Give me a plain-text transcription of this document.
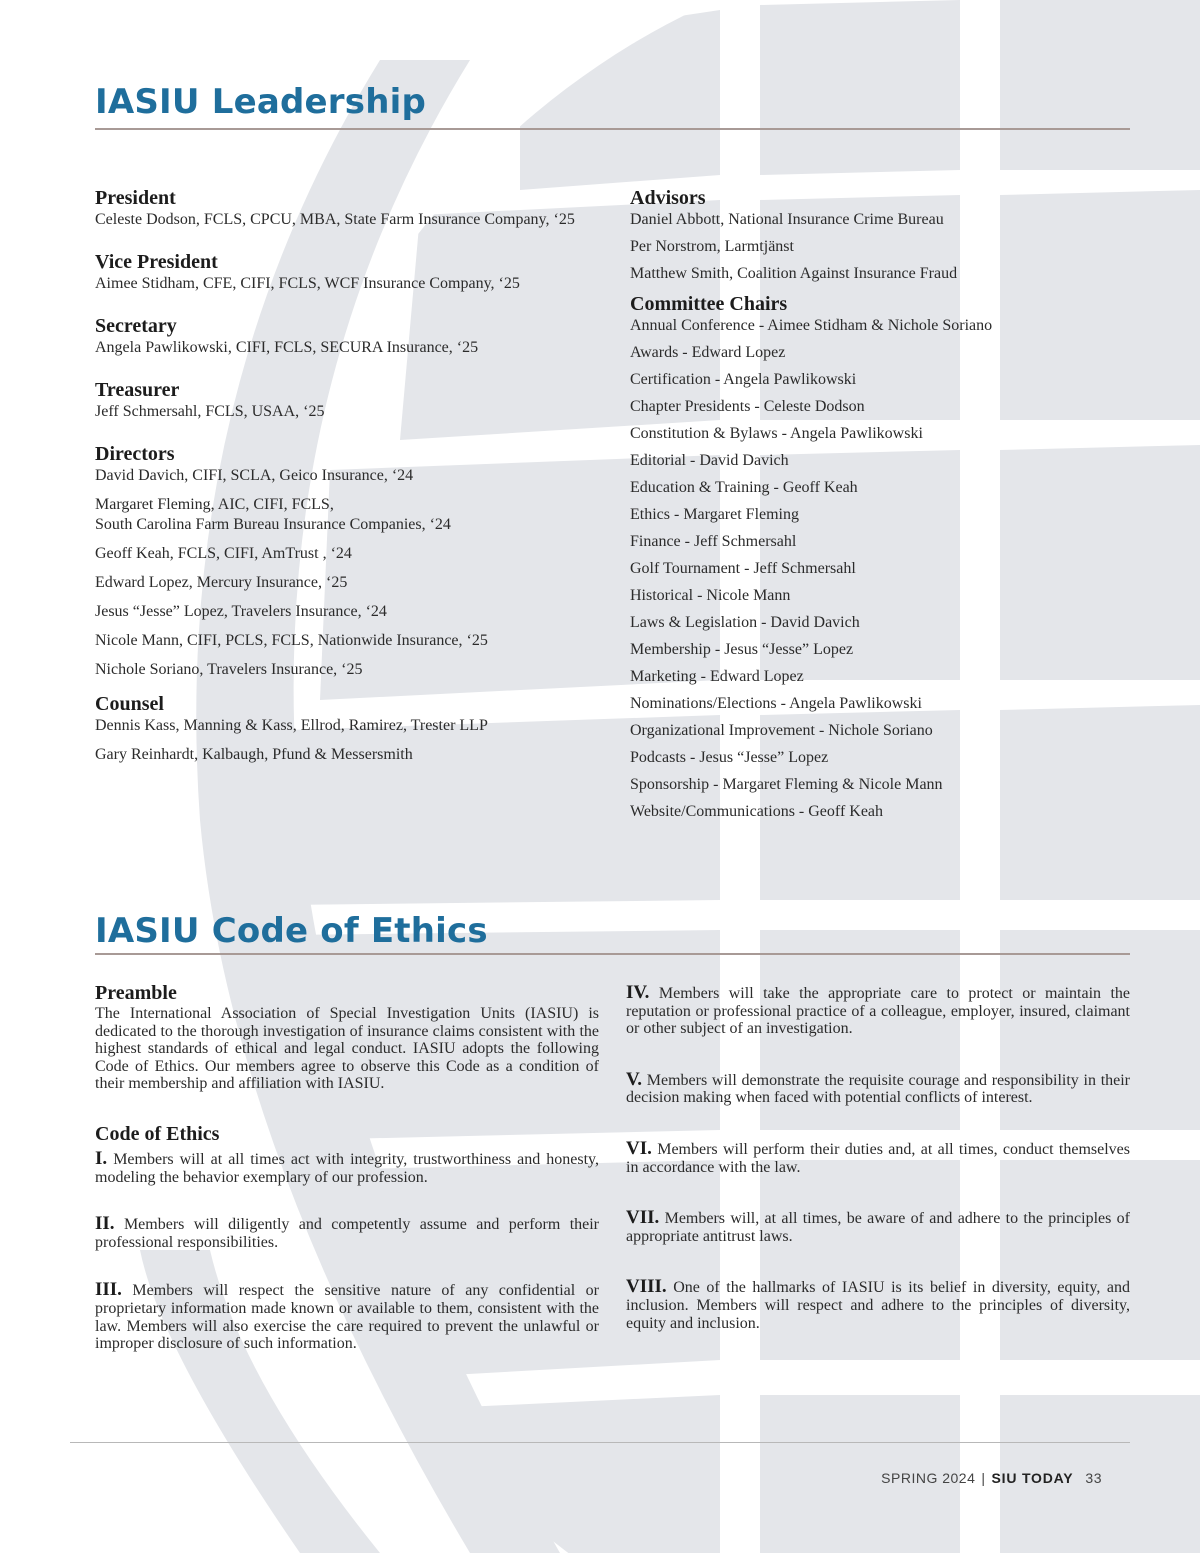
IASIU Leadership
President

Celeste Dodson, FCLS, CPCU, MBA, State Farm Insurance Company, ‘25

Vice President

Aimee Stidham, CFE, CIFI, FCLS, WCF Insurance Company, ‘25

Secretary

Angela Pawlikowski, CIFI, FCLS, SECURA Insurance, ‘25

Treasurer

Jeff Schmersahl, FCLS, USAA, ‘25

Directors

David Davich, CIFI, SCLA, Geico Insurance, ‘24

Margaret Fleming, AIC, CIFI, FCLS,

South Carolina Farm Bureau Insurance Companies, ‘24

Geoff Keah, FCLS, CIFI, AmTrust , ‘24

Edward Lopez, Mercury Insurance, ‘25

Jesus “Jesse” Lopez, Travelers Insurance, ‘24

Nicole Mann, CIFI, PCLS, FCLS, Nationwide Insurance, ‘25

Nichole Soriano, Travelers Insurance, ‘25

Counsel

Dennis Kass, Manning & Kass, Ellrod, Ramirez, Trester LLP

Gary Reinhardt, Kalbaugh, Pfund & Messersmith

Advisors

Daniel Abbott, National Insurance Crime Bureau

Per Norstrom, Larmtjänst

Matthew Smith, Coalition Against Insurance Fraud

Committee Chairs

Annual Conference - Aimee Stidham & Nichole Soriano

Awards - Edward Lopez

Certification - Angela Pawlikowski

Chapter Presidents - Celeste Dodson

Constitution & Bylaws - Angela Pawlikowski

Editorial - David Davich

Education & Training - Geoff Keah

Ethics - Margaret Fleming

Finance - Jeff Schmersahl

Golf Tournament - Jeff Schmersahl

Historical - Nicole Mann

Laws & Legislation - David Davich

Membership - Jesus “Jesse” Lopez

Marketing - Edward Lopez

Nominations/Elections - Angela Pawlikowski

Organizational Improvement - Nichole Soriano

Podcasts - Jesus “Jesse” Lopez

Sponsorship - Margaret Fleming & Nicole Mann

Website/Communications - Geoff Keah

IASIU Code of Ethics
Preamble

The International Association of Special Investigation Units (IASIU) is dedicated to the thorough investigation of insurance claims consistent with the highest standards of ethical and legal conduct. IASIU adopts the following Code of Ethics. Our members agree to observe this Code as a condition of their membership and affiliation with IASIU.

Code of Ethics

I. Members will at all times act with integrity, trustworthiness and honesty, modeling the behavior exemplary of our profession.

II. Members will diligently and competently assume and perform their professional responsibilities.

III. Members will respect the sensitive nature of any confidential or proprietary information made known or available to them, consistent with the law. Members will also exercise the care required to prevent the unlawful or improper disclosure of such information.

IV. Members will take the appropriate care to protect or maintain the reputation or professional practice of a colleague, employer, insured, claimant or other subject of an investigation.

V. Members will demonstrate the requisite courage and responsibility in their decision making when faced with potential conflicts of interest.

VI. Members will perform their duties and, at all times, conduct themselves in accordance with the law.

VII. Members will, at all times, be aware of and adhere to the principles of appropriate antitrust laws.

VIII. One of the hallmarks of IASIU is its belief in diversity, equity, and inclusion. Members will respect and adhere to the principles of diversity, equity and inclusion.

SPRING 2024 | SIU TODAY 33
